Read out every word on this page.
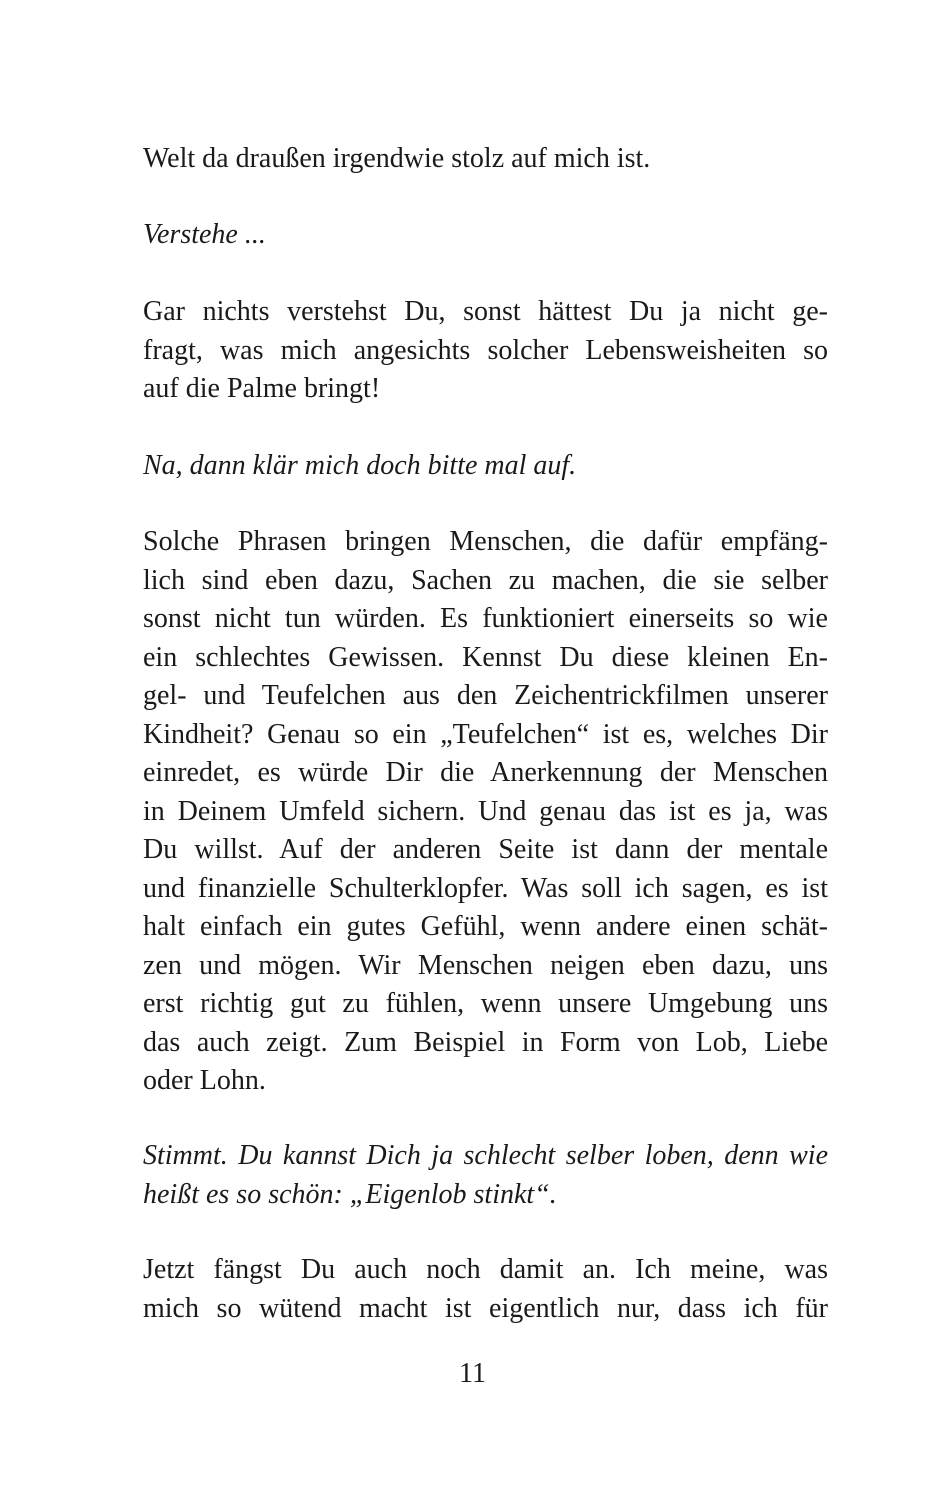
Welt da draußen irgendwie stolz auf mich ist.

Verstehe ...

Gar nichts verstehst Du, sonst hättest Du ja nicht ge-
fragt, was mich angesichts solcher Lebensweisheiten so
auf die Palme bringt!

Na, dann klär mich doch bitte mal auf.

Solche Phrasen bringen Menschen, die dafür empfäng-
lich sind eben dazu, Sachen zu machen, die sie selber
sonst nicht tun würden. Es funktioniert einerseits so wie
ein schlechtes Gewissen. Kennst Du diese kleinen En-
gel- und Teufelchen aus den Zeichentrickfilmen unserer
Kindheit? Genau so ein „Teufelchen“ ist es, welches Dir
einredet, es würde Dir die Anerkennung der Menschen
in Deinem Umfeld sichern. Und genau das ist es ja, was
Du willst. Auf der anderen Seite ist dann der mentale
und finanzielle Schulterklopfer. Was soll ich sagen, es ist
halt einfach ein gutes Gefühl, wenn andere einen schät-
zen und mögen. Wir Menschen neigen eben dazu, uns
erst richtig gut zu fühlen, wenn unsere Umgebung uns
das auch zeigt. Zum Beispiel in Form von Lob, Liebe
oder Lohn.

Stimmt. Du kannst Dich ja schlecht selber loben, denn wie
heißt es so schön: „Eigenlob stinkt“.

Jetzt fängst Du auch noch damit an. Ich meine, was
mich so wütend macht ist eigentlich nur, dass ich für

11
